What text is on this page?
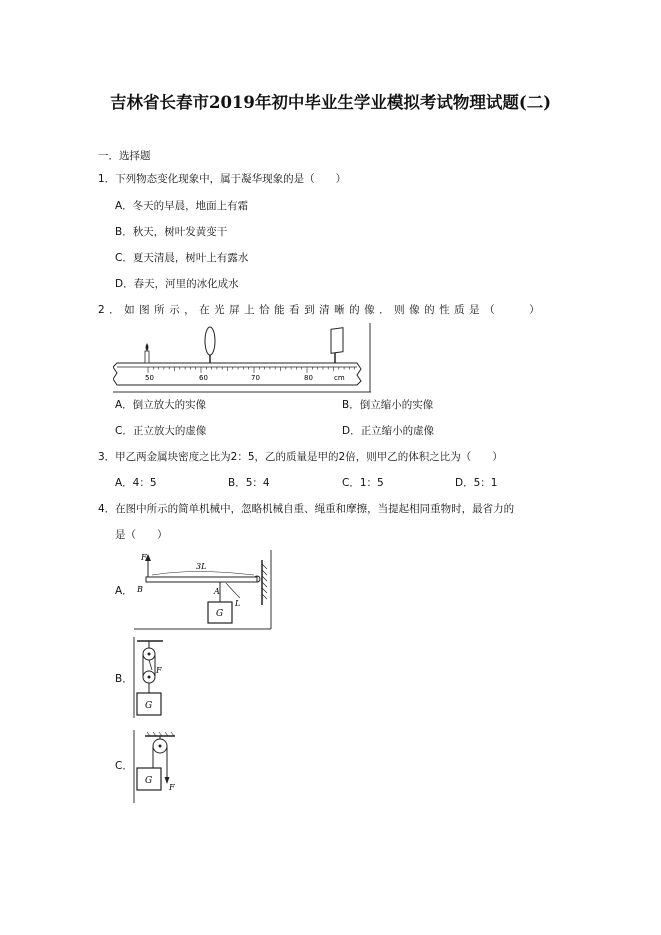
吉林省长春市2019年初中毕业生学业模拟考试物理试题(二)
一．选择题
1．下列物态变化现象中，属于凝华现象的是（　　）
A．冬天的早晨，地面上有霜
B．秋天，树叶发黄变干
C．夏天清晨，树叶上有露水
D．春天，河里的冰化成水
2．如图所示，在光屏上恰能看到清晰的像．则像的性质是（　　）
50	60	70	80	cm
A．倒立放大的实像	B．倒立缩小的实像
C．正立放大的虚像	D．正立缩小的虚像
3．甲乙两金属块密度之比为2：5，乙的质量是甲的2倍，则甲乙的体积之比为（　　）
A．4：5	B．5：4	C．1：5	D．5：1
4．在图中所示的简单机械中，忽略机械自重、绳重和摩擦，当提起相同重物时，最省力的
是（　　）
A．
F
B
3L
A
L
G
B．
F
G
C．
F
G
